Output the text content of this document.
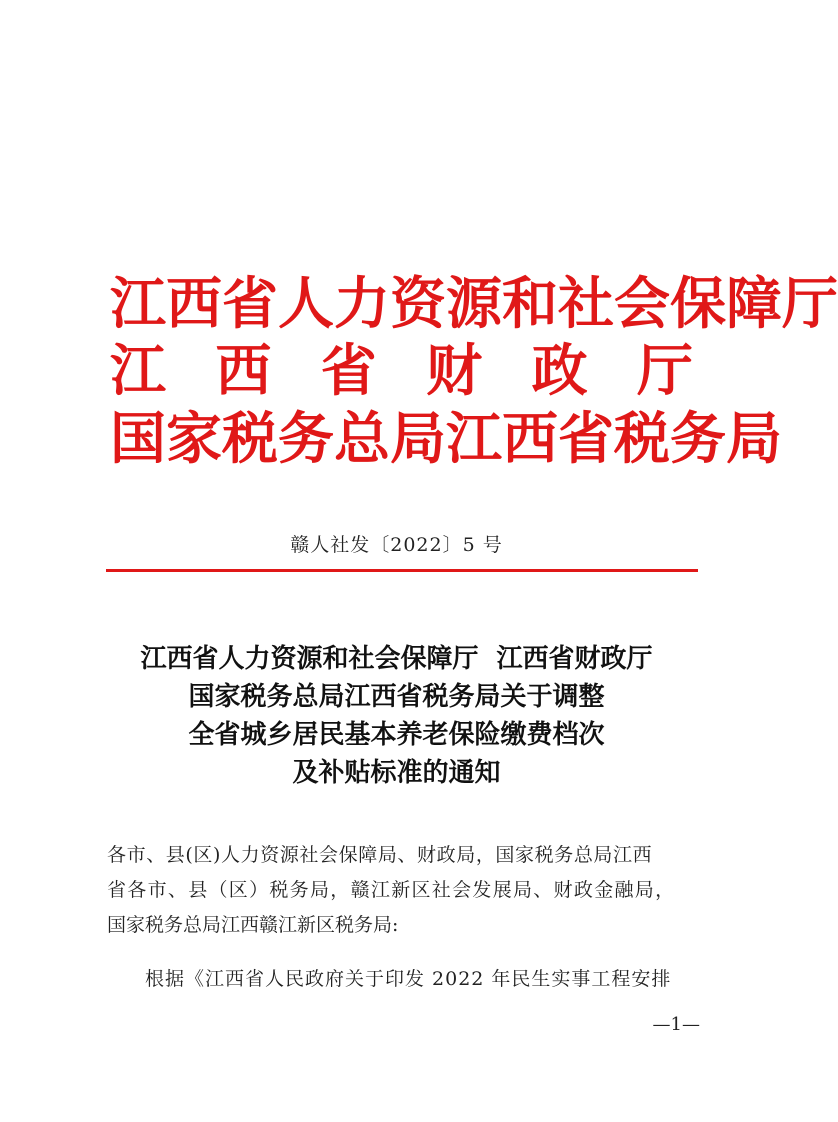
江 西 省 人 力 资 源 和 社 会 保 障 厅
江 西 省 财 政 厅
国 家 税 务 总 局 江 西 省 税 务 局
赣人社发〔2022〕5 号
江西省人力资源和社会保障厅  江西省财政厅
国家税务总局江西省税务局关于调整
全省城乡居民基本养老保险缴费档次
及补贴标准的通知
各市、县(区)人力资源社会保障局、财政局，国家税务总局江西
省各市、县（区）税务局，赣江新区社会发展局、财政金融局，
国家税务总局江西赣江新区税务局:
根据《江西省人民政府关于印发 2022 年民生实事工程安排
—1—
